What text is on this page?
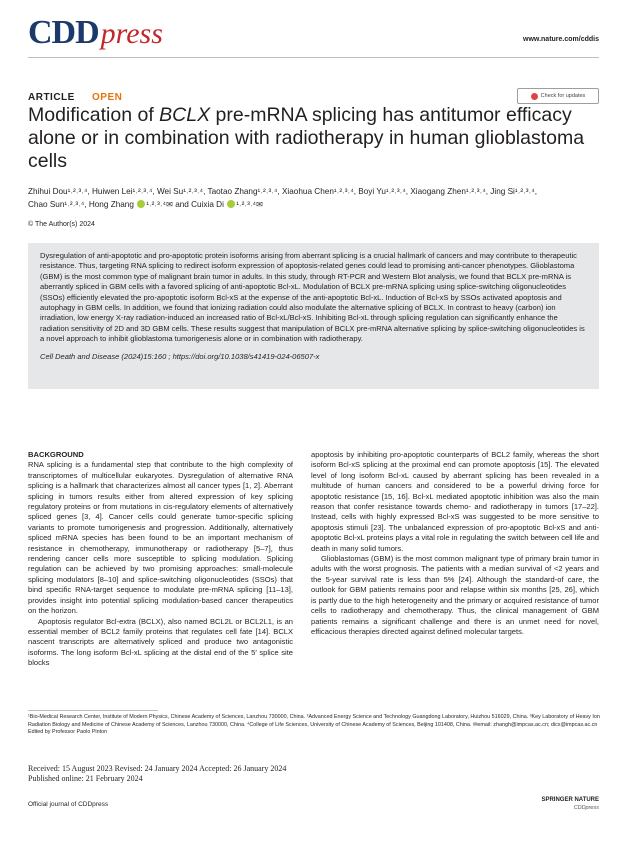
CDDpress	www.nature.com/cddis
ARTICLE OPEN	Check for updates
Modification of BCLX pre-mRNA splicing has antitumor efficacy alone or in combination with radiotherapy in human glioblastoma cells
Zhihui Dou¹˒²˒³˒⁴, Huiwen Lei¹˒²˒³˒⁴, Wei Su¹˒²˒³˒⁴, Taotao Zhang¹˒²˒³˒⁴, Xiaohua Chen¹˒²˒³˒⁴, Boyi Yu¹˒²˒³˒⁴, Xiaogang Zhen¹˒²˒³˒⁴, Jing Si¹˒²˒³˒⁴,
Chao Sun¹˒²˒³˒⁴, Hong Zhang ¹˒²˒³˒⁴✉ and Cuixia Di ¹˒²˒³˒⁴✉
© The Author(s) 2024

Dysregulation of anti-apoptotic and pro-apoptotic protein isoforms arising from aberrant splicing is a crucial hallmark of cancers and may contribute to therapeutic resistance. Thus, targeting RNA splicing to redirect isoform expression of apoptosis-related genes could lead to promising anti-cancer phenotypes. Glioblastoma (GBM) is the most common type of malignant brain tumor in adults. In this study, through RT-PCR and Western Blot analysis, we found that BCLX pre-mRNA is aberrantly spliced in GBM cells with a favored splicing of anti-apoptotic Bcl-xL. Modulation of BCLX pre-mRNA splicing using splice-switching oligonucleotides (SSOs) efficiently elevated the pro-apoptotic isoform Bcl-xS at the expense of the anti-apoptotic Bcl-xL. Induction of Bcl-xS by SSOs activated apoptosis and autophagy in GBM cells. In addition, we found that ionizing radiation could also modulate the alternative splicing of BCLX. In contrast to heavy (carbon) ion irradiation, low energy X-ray radiation-induced an increased ratio of Bcl-xL/Bcl-xS. Inhibiting Bcl-xL through splicing regulation can significantly enhance the radiation sensitivity of 2D and 3D GBM cells. These results suggest that manipulation of BCLX pre-mRNA alternative splicing by splice-switching oligonucleotides is a novel approach to inhibit glioblastoma tumorigenesis alone or in combination with radiotherapy.

Cell Death and Disease (2024)15:160 ; https://doi.org/10.1038/s41419-024-06507-x

BACKGROUND

RNA splicing is a fundamental step that contribute to the high complexity of transcriptomes of multicellular eukaryotes. Dysregulation of alternative RNA splicing is a hallmark that characterizes almost all cancer types [1, 2]. Aberrant splicing in tumors results either from altered expression of key splicing regulatory proteins or from mutations in cis-regulatory elements of alternatively spliced genes [3, 4]. Cancer cells could generate tumor-specific splicing variants to promote tumorigenesis and progression. Additionally, alternatively spliced mRNA species has been found to be an important mechanism of resistance in chemotherapy, immunotherapy or radiotherapy [5–7], thus rendering cancer cells more susceptible to splicing modulation. Splicing regulation can be achieved by two promising approaches: small-molecule splicing modulators [8–10] and splice-switching oligonucleotides (SSOs) that bind specific RNA-target sequence to modulate pre-mRNA splicing [11–13], provides insight into potential splicing modulation-based cancer therapeutics on the horizon.

Apoptosis regulator Bcl-extra (BCLX), also named BCL2L or BCL2L1, is an essential member of BCL2 family proteins that regulates cell fate [14]. BCLX nascent transcripts are alternatively spliced and produce two antagonistic isoforms. The long isoform Bcl-xL splicing at the distal end of the 5′ splice site blocks

apoptosis by inhibiting pro-apoptotic counterparts of BCL2 family, whereas the short isoform Bcl-xS splicing at the proximal end can promote apoptosis [15]. The elevated level of long isoform Bcl-xL caused by aberrant splicing has been revealed in a multitude of human cancers and considered to be a powerful driving force for apoptotic resistance [15, 16]. Bcl-xL mediated apoptotic inhibition was also the main reason that confer resistance towards chemo- and radiotherapy in tumors [17–22]. Instead, cells with highly expressed Bcl-xS was suggested to be more sensitive to apoptosis stimuli [23]. The unbalanced expression of pro-apoptotic Bcl-xS and anti-apoptotic Bcl-xL proteins plays a vital role in regulating the switch between cell life and death in many solid tumors.

Glioblastomas (GBM) is the most common malignant type of primary brain tumor in adults with the worst prognosis. The patients with a median survival of <2 years and the 5-year survival rate is less than 5% [24]. Although the standard-of care, the outlook for GBM patients remains poor and relapse within six months [25, 26], which is partly due to the high heterogeneity and the primary or acquired resistance of tumor cells to radiotherapy and chemotherapy. Thus, the clinical management of GBM patients remains a significant challenge and there is an unmet need for novel, efficacious therapies directed against defined molecular targets.

¹Bio-Medical Research Center, Institute of Modern Physics, Chinese Academy of Sciences, Lanzhou 730000, China. ²Advanced Energy Science and Technology Guangdong Laboratory, Huizhou 516029, China. ³Key Laboratory of Heavy Ion Radiation Biology and Medicine of Chinese Academy of Sciences, Lanzhou 730000, China. ⁴College of Life Sciences, University of Chinese Academy of Sciences, Beijing 101408, China. ✉email: zhangh@impcas.ac.cn; dicx@impcas.ac.cn
Edited by Professor Paolo Pinton
Received: 15 August 2023 Revised: 24 January 2024 Accepted: 26 January 2024
Published online: 21 February 2024
Official journal of CDDpress
SPRINGER NATURE
CDDpress
